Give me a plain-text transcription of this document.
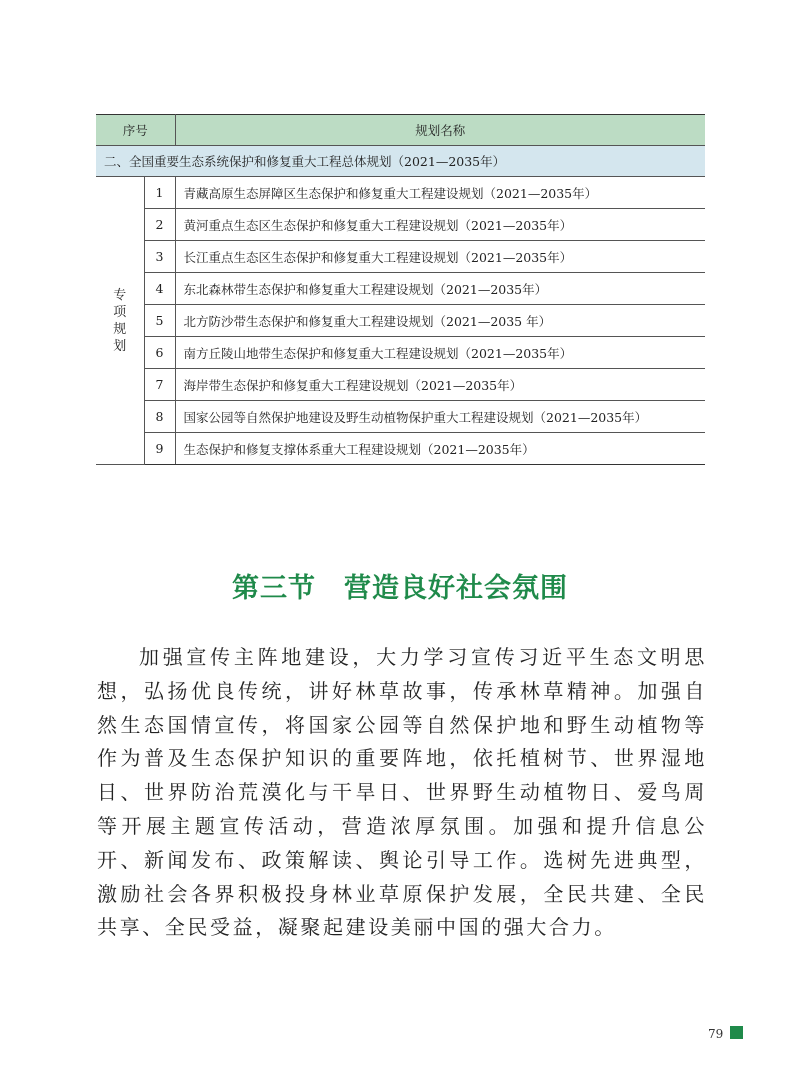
序号		规划名称
二、全国重要生态系统保护和修复重大工程总体规划（2021—2035年）		
专项规划	1	青藏高原生态屏障区生态保护和修复重大工程建设规划（2021—2035年）
	2	黄河重点生态区生态保护和修复重大工程建设规划（2021—2035年）
	3	长江重点生态区生态保护和修复重大工程建设规划（2021—2035年）
	4	东北森林带生态保护和修复重大工程建设规划（2021—2035年）
	5	北方防沙带生态保护和修复重大工程建设规划（2021—2035 年）
	6	南方丘陵山地带生态保护和修复重大工程建设规划（2021—2035年）
	7	海岸带生态保护和修复重大工程建设规划（2021—2035年）
	8	国家公园等自然保护地建设及野生动植物保护重大工程建设规划（2021—2035年）
	9	生态保护和修复支撑体系重大工程建设规划（2021—2035年）
第三节 营造良好社会氛围

加强宣传主阵地建设，大力学习宣传习近平生态文明思想，弘扬优良传统，讲好林草故事，传承林草精神。加强自然生态国情宣传，将国家公园等自然保护地和野生动植物等作为普及生态保护知识的重要阵地，依托植树节、世界湿地日、世界防治荒漠化与干旱日、世界野生动植物日、爱鸟周等开展主题宣传活动，营造浓厚氛围。加强和提升信息公开、新闻发布、政策解读、舆论引导工作。选树先进典型，激励社会各界积极投身林业草原保护发展，全民共建、全民共享、全民受益，凝聚起建设美丽中国的强大合力。

79
